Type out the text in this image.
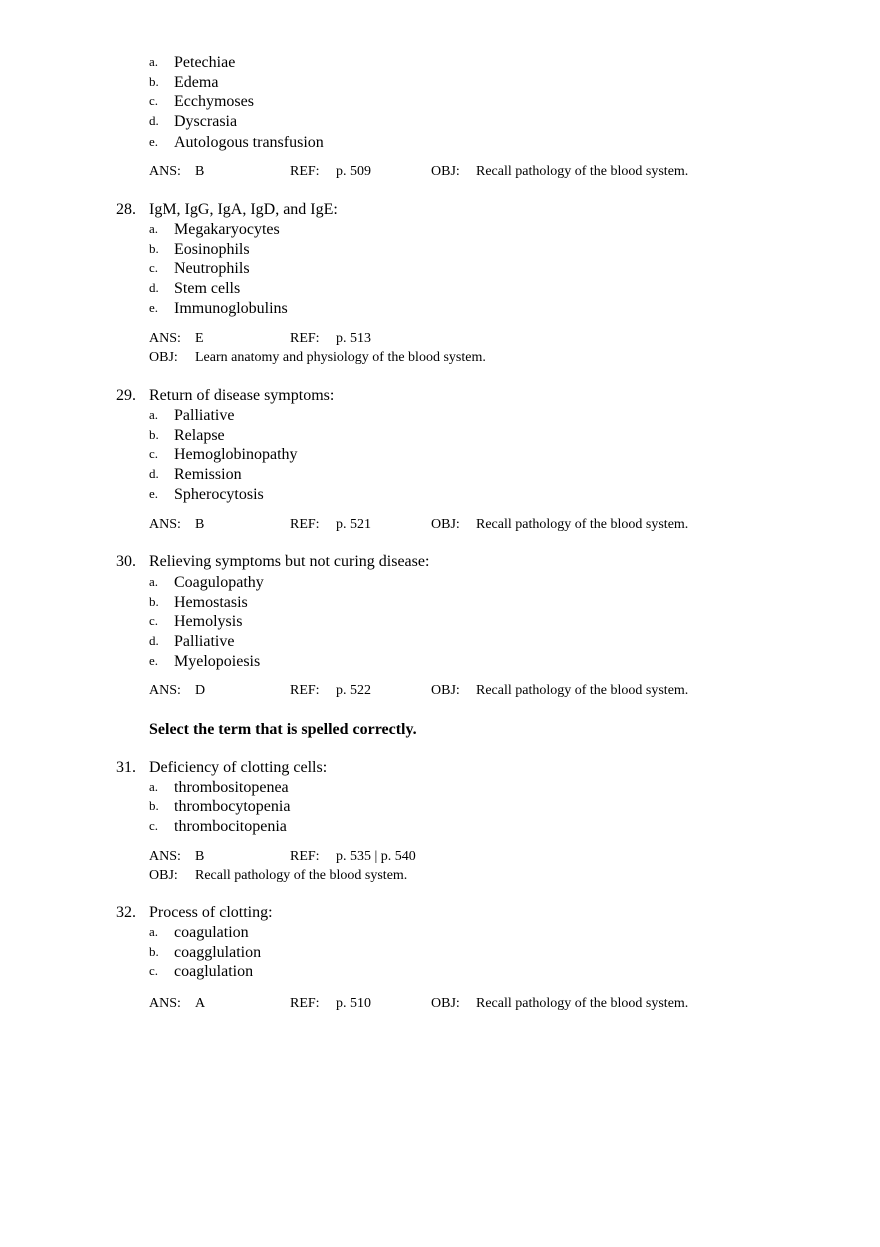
a. Petechiae
b. Edema
c. Ecchymoses
d. Dyscrasia
e. Autologous transfusion
ANS: B	REF: p. 509	OBJ: Recall pathology of the blood system.
28. IgM, IgG, IgA, IgD, and IgE:
a. Megakaryocytes
b. Eosinophils
c. Neutrophils
d. Stem cells
e. Immunoglobulins
ANS: E	REF: p. 513
OBJ: Learn anatomy and physiology of the blood system.
29. Return of disease symptoms:
a. Palliative
b. Relapse
c. Hemoglobinopathy
d. Remission
e. Spherocytosis
ANS: B	REF: p. 521	OBJ: Recall pathology of the blood system.
30. Relieving symptoms but not curing disease:
a. Coagulopathy
b. Hemostasis
c. Hemolysis
d. Palliative
e. Myelopoiesis
ANS: D	REF: p. 522	OBJ: Recall pathology of the blood system.
Select the term that is spelled correctly.
31. Deficiency of clotting cells:
a. thrombositopenea
b. thrombocytopenia
c. thrombocitopenia
ANS: B	REF: p. 535 | p. 540
OBJ: Recall pathology of the blood system.
32. Process of clotting:
a. coagulation
b. coagglulation
c. coaglulation
ANS: A	REF: p. 510	OBJ: Recall pathology of the blood system.
